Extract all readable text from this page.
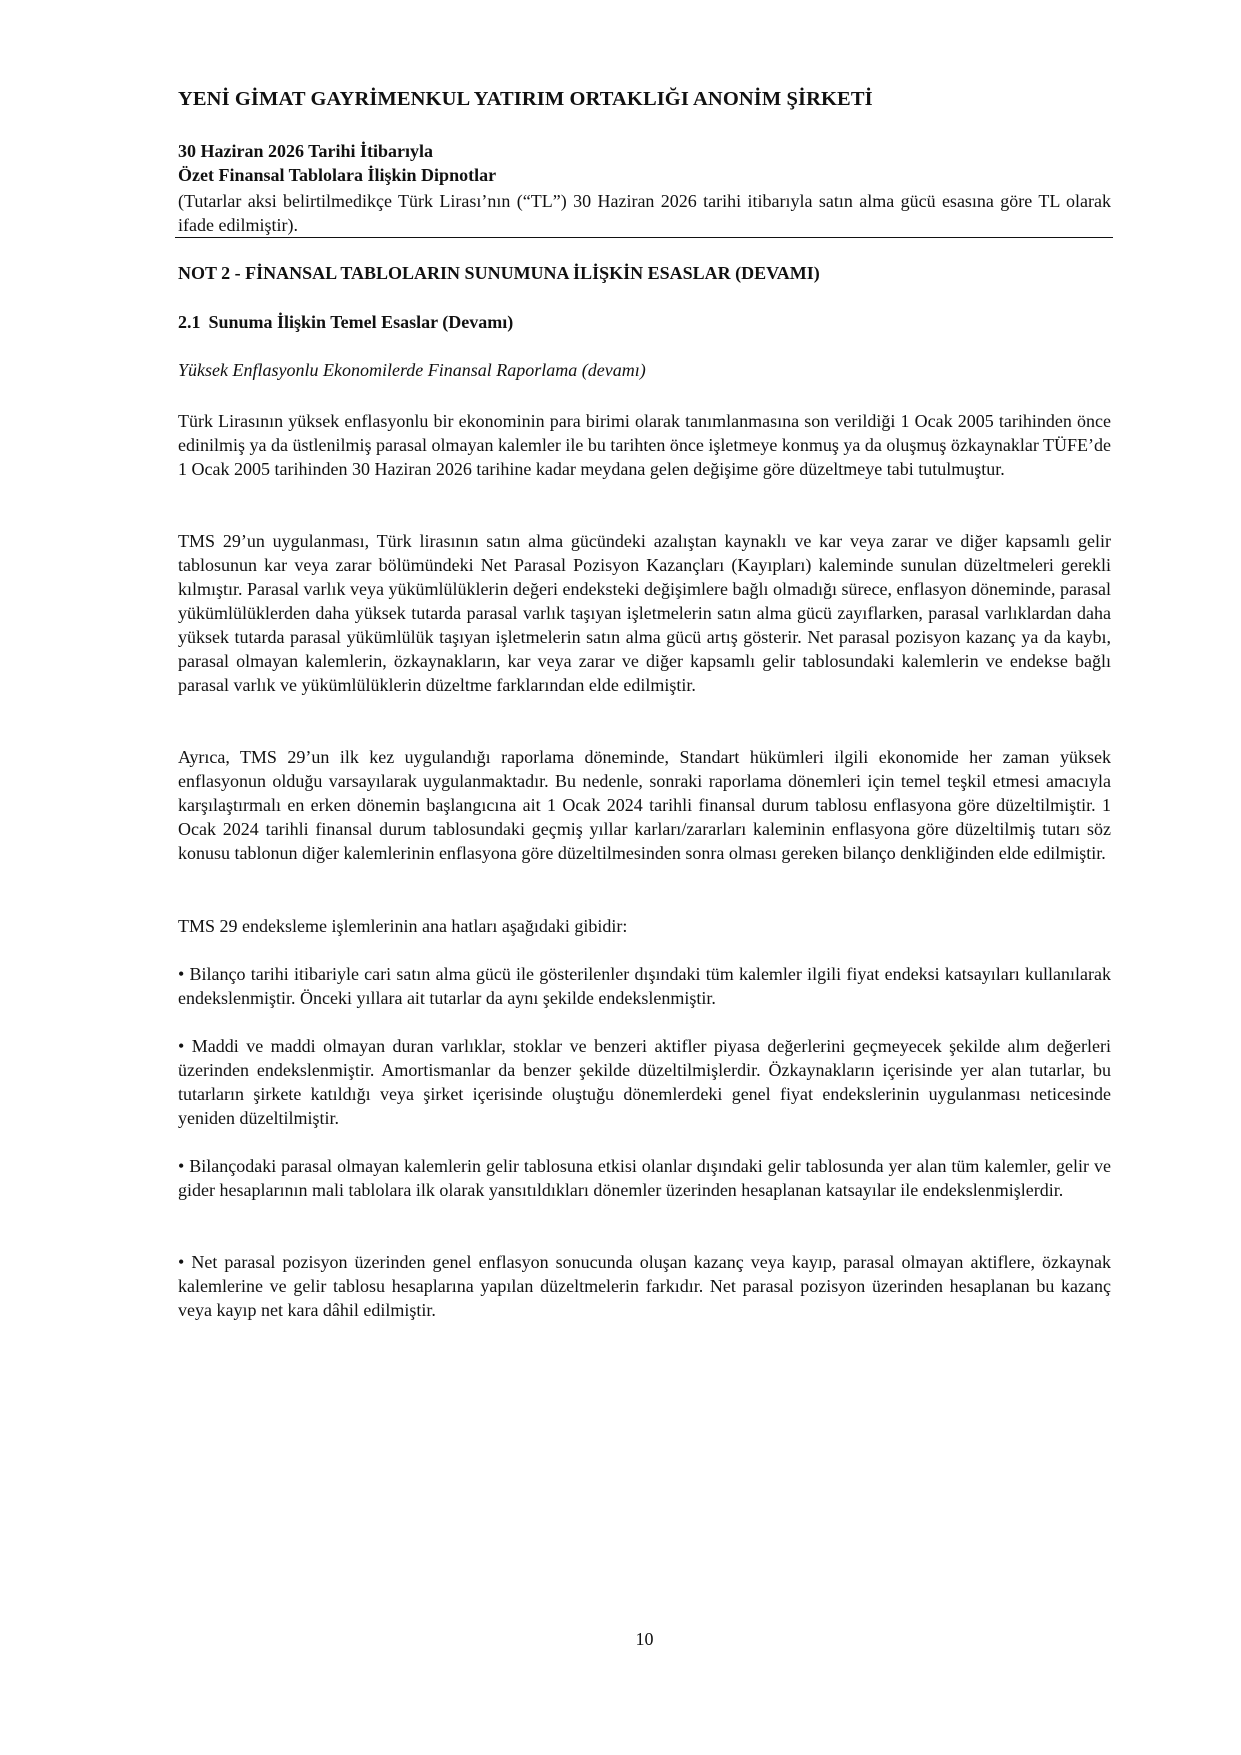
YENİ GİMAT GAYRİMENKUL YATIRIM ORTAKLIĞI ANONİM ŞİRKETİ
30 Haziran 2026 Tarihi İtibarıyla
Özet Finansal Tablolara İlişkin Dipnotlar
(Tutarlar aksi belirtilmedikçe Türk Lirası’nın (“TL”) 30 Haziran 2026 tarihi itibarıyla satın alma gücü esasına göre TL olarak ifade edilmiştir).
NOT 2 - FİNANSAL TABLOLARIN SUNUMUNA İLİŞKİN ESASLAR (DEVAMI)
2.1 Sunuma İlişkin Temel Esaslar (Devamı)
Yüksek Enflasyonlu Ekonomilerde Finansal Raporlama (devamı)

Türk Lirasının yüksek enflasyonlu bir ekonominin para birimi olarak tanımlanmasına son verildiği 1 Ocak 2005 tarihinden önce edinilmiş ya da üstlenilmiş parasal olmayan kalemler ile bu tarihten önce işletmeye konmuş ya da oluşmuş özkaynaklar TÜFE’de 1 Ocak 2005 tarihinden 30 Haziran 2026 tarihine kadar meydana gelen değişime göre düzeltmeye tabi tutulmuştur.

TMS 29’un uygulanması, Türk lirasının satın alma gücündeki azalıştan kaynaklı ve kar veya zarar ve diğer kapsamlı gelir tablosunun kar veya zarar bölümündeki Net Parasal Pozisyon Kazançları (Kayıpları) kaleminde sunulan düzeltmeleri gerekli kılmıştır. Parasal varlık veya yükümlülüklerin değeri endeksteki değişimlere bağlı olmadığı sürece, enflasyon döneminde, parasal yükümlülüklerden daha yüksek tutarda parasal varlık taşıyan işletmelerin satın alma gücü zayıflarken, parasal varlıklardan daha yüksek tutarda parasal yükümlülük taşıyan işletmelerin satın alma gücü artış gösterir. Net parasal pozisyon kazanç ya da kaybı, parasal olmayan kalemlerin, özkaynakların, kar veya zarar ve diğer kapsamlı gelir tablosundaki kalemlerin ve endekse bağlı parasal varlık ve yükümlülüklerin düzeltme farklarından elde edilmiştir.

Ayrıca, TMS 29’un ilk kez uygulandığı raporlama döneminde, Standart hükümleri ilgili ekonomide her zaman yüksek enflasyonun olduğu varsayılarak uygulanmaktadır. Bu nedenle, sonraki raporlama dönemleri için temel teşkil etmesi amacıyla karşılaştırmalı en erken dönemin başlangıcına ait 1 Ocak 2024 tarihli finansal durum tablosu enflasyona göre düzeltilmiştir. 1 Ocak 2024 tarihli finansal durum tablosundaki geçmiş yıllar karları/zararları kaleminin enflasyona göre düzeltilmiş tutarı söz konusu tablonun diğer kalemlerinin enflasyona göre düzeltilmesinden sonra olması gereken bilanço denkliğinden elde edilmiştir.

TMS 29 endeksleme işlemlerinin ana hatları aşağıdaki gibidir:

• Bilanço tarihi itibariyle cari satın alma gücü ile gösterilenler dışındaki tüm kalemler ilgili fiyat endeksi katsayıları kullanılarak endekslenmiştir. Önceki yıllara ait tutarlar da aynı şekilde endekslenmiştir.

• Maddi ve maddi olmayan duran varlıklar, stoklar ve benzeri aktifler piyasa değerlerini geçmeyecek şekilde alım değerleri üzerinden endekslenmiştir. Amortismanlar da benzer şekilde düzeltilmişlerdir. Özkaynakların içerisinde yer alan tutarlar, bu tutarların şirkete katıldığı veya şirket içerisinde oluştuğu dönemlerdeki genel fiyat endekslerinin uygulanması neticesinde yeniden düzeltilmiştir.

• Bilançodaki parasal olmayan kalemlerin gelir tablosuna etkisi olanlar dışındaki gelir tablosunda yer alan tüm kalemler, gelir ve gider hesaplarının mali tablolara ilk olarak yansıtıldıkları dönemler üzerinden hesaplanan katsayılar ile endekslenmişlerdir.

• Net parasal pozisyon üzerinden genel enflasyon sonucunda oluşan kazanç veya kayıp, parasal olmayan aktiflere, özkaynak kalemlerine ve gelir tablosu hesaplarına yapılan düzeltmelerin farkıdır. Net parasal pozisyon üzerinden hesaplanan bu kazanç veya kayıp net kara dâhil edilmiştir.

10
